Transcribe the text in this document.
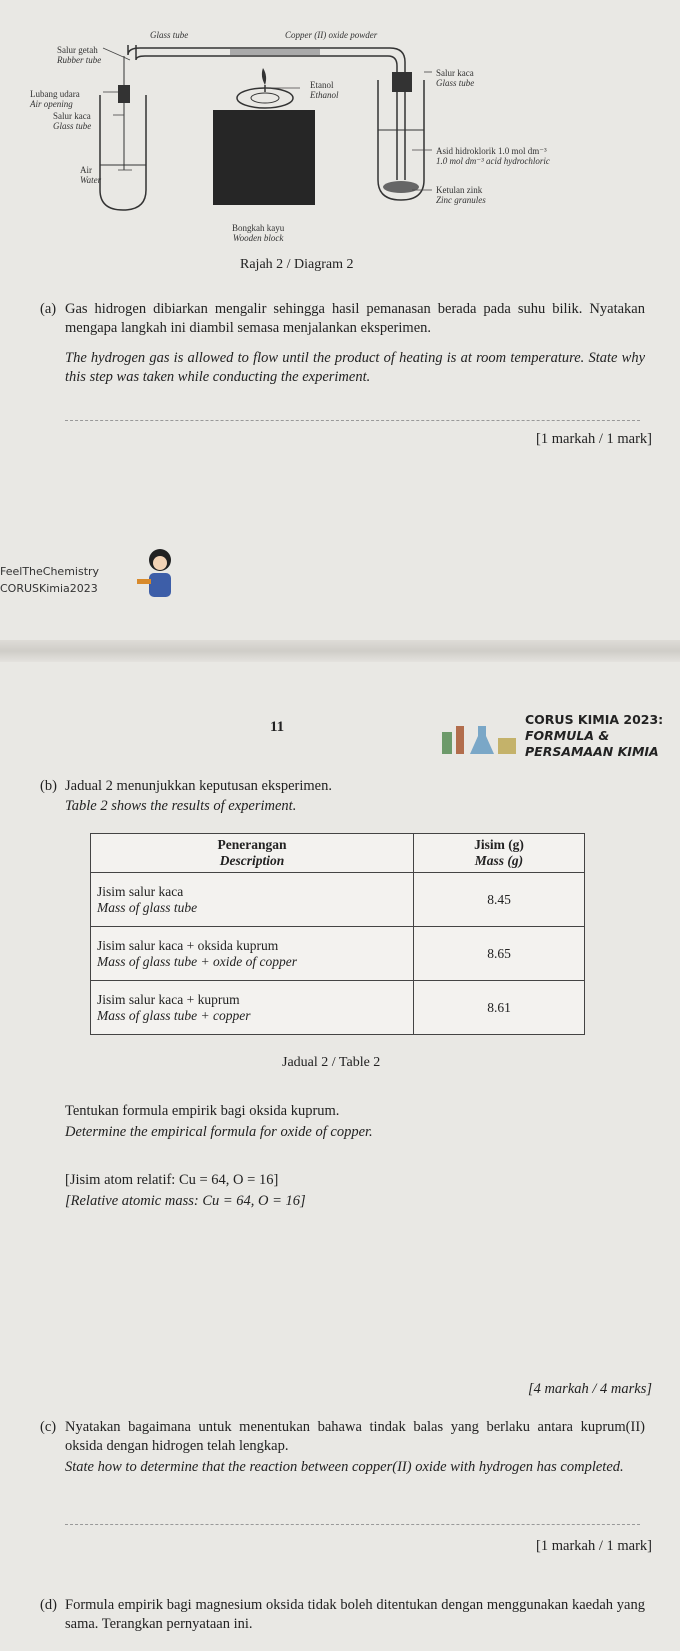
Glass tube	Copper (II) oxide powder
Salur getah
Rubber tube
Lubang udara
Air opening
Salur kaca
Glass tube
Air
Water
Etanol
Ethanol
Salur kaca
Glass tube
Asid hidroklorik 1.0 mol dm⁻³
1.0 mol dm⁻³ acid hydrochloric
Ketulan zink
Zinc granules
Bongkah kayu
Wooden block
Rajah 2 / Diagram 2
(a) Gas hidrogen dibiarkan mengalir sehingga hasil pemanasan berada pada suhu bilik. Nyatakan mengapa langkah ini diambil semasa menjalankan eksperimen.
The hydrogen gas is allowed to flow until the product of heating is at room temperature. State why this step was taken while conducting the experiment.
[1 markah / 1 mark]
FeelTheChemistry
CORUSKimia2023
11	CORUS KIMIA 2023:
FORMULA &
PERSAMAAN KIMIA
(b) Jadual 2 menunjukkan keputusan eksperimen.
Table 2 shows the results of experiment.
Penerangan
Description	Jisim (g)
Mass (g)
Jisim salur kaca
Mass of glass tube	8.45
Jisim salur kaca + oksida kuprum
Mass of glass tube + oxide of copper	8.65
Jisim salur kaca + kuprum
Mass of glass tube + copper	8.61
Jadual 2 / Table 2
Tentukan formula empirik bagi oksida kuprum.
Determine the empirical formula for oxide of copper.
[Jisim atom relatif: Cu = 64, O = 16]
[Relative atomic mass: Cu = 64, O = 16]
[4 markah / 4 marks]
(c) Nyatakan bagaimana untuk menentukan bahawa tindak balas yang berlaku antara kuprum(II) oksida dengan hidrogen telah lengkap.
State how to determine that the reaction between copper(II) oxide with hydrogen has completed.
[1 markah / 1 mark]
(d) Formula empirik bagi magnesium oksida tidak boleh ditentukan dengan menggunakan kaedah yang sama. Terangkan pernyataan ini.
